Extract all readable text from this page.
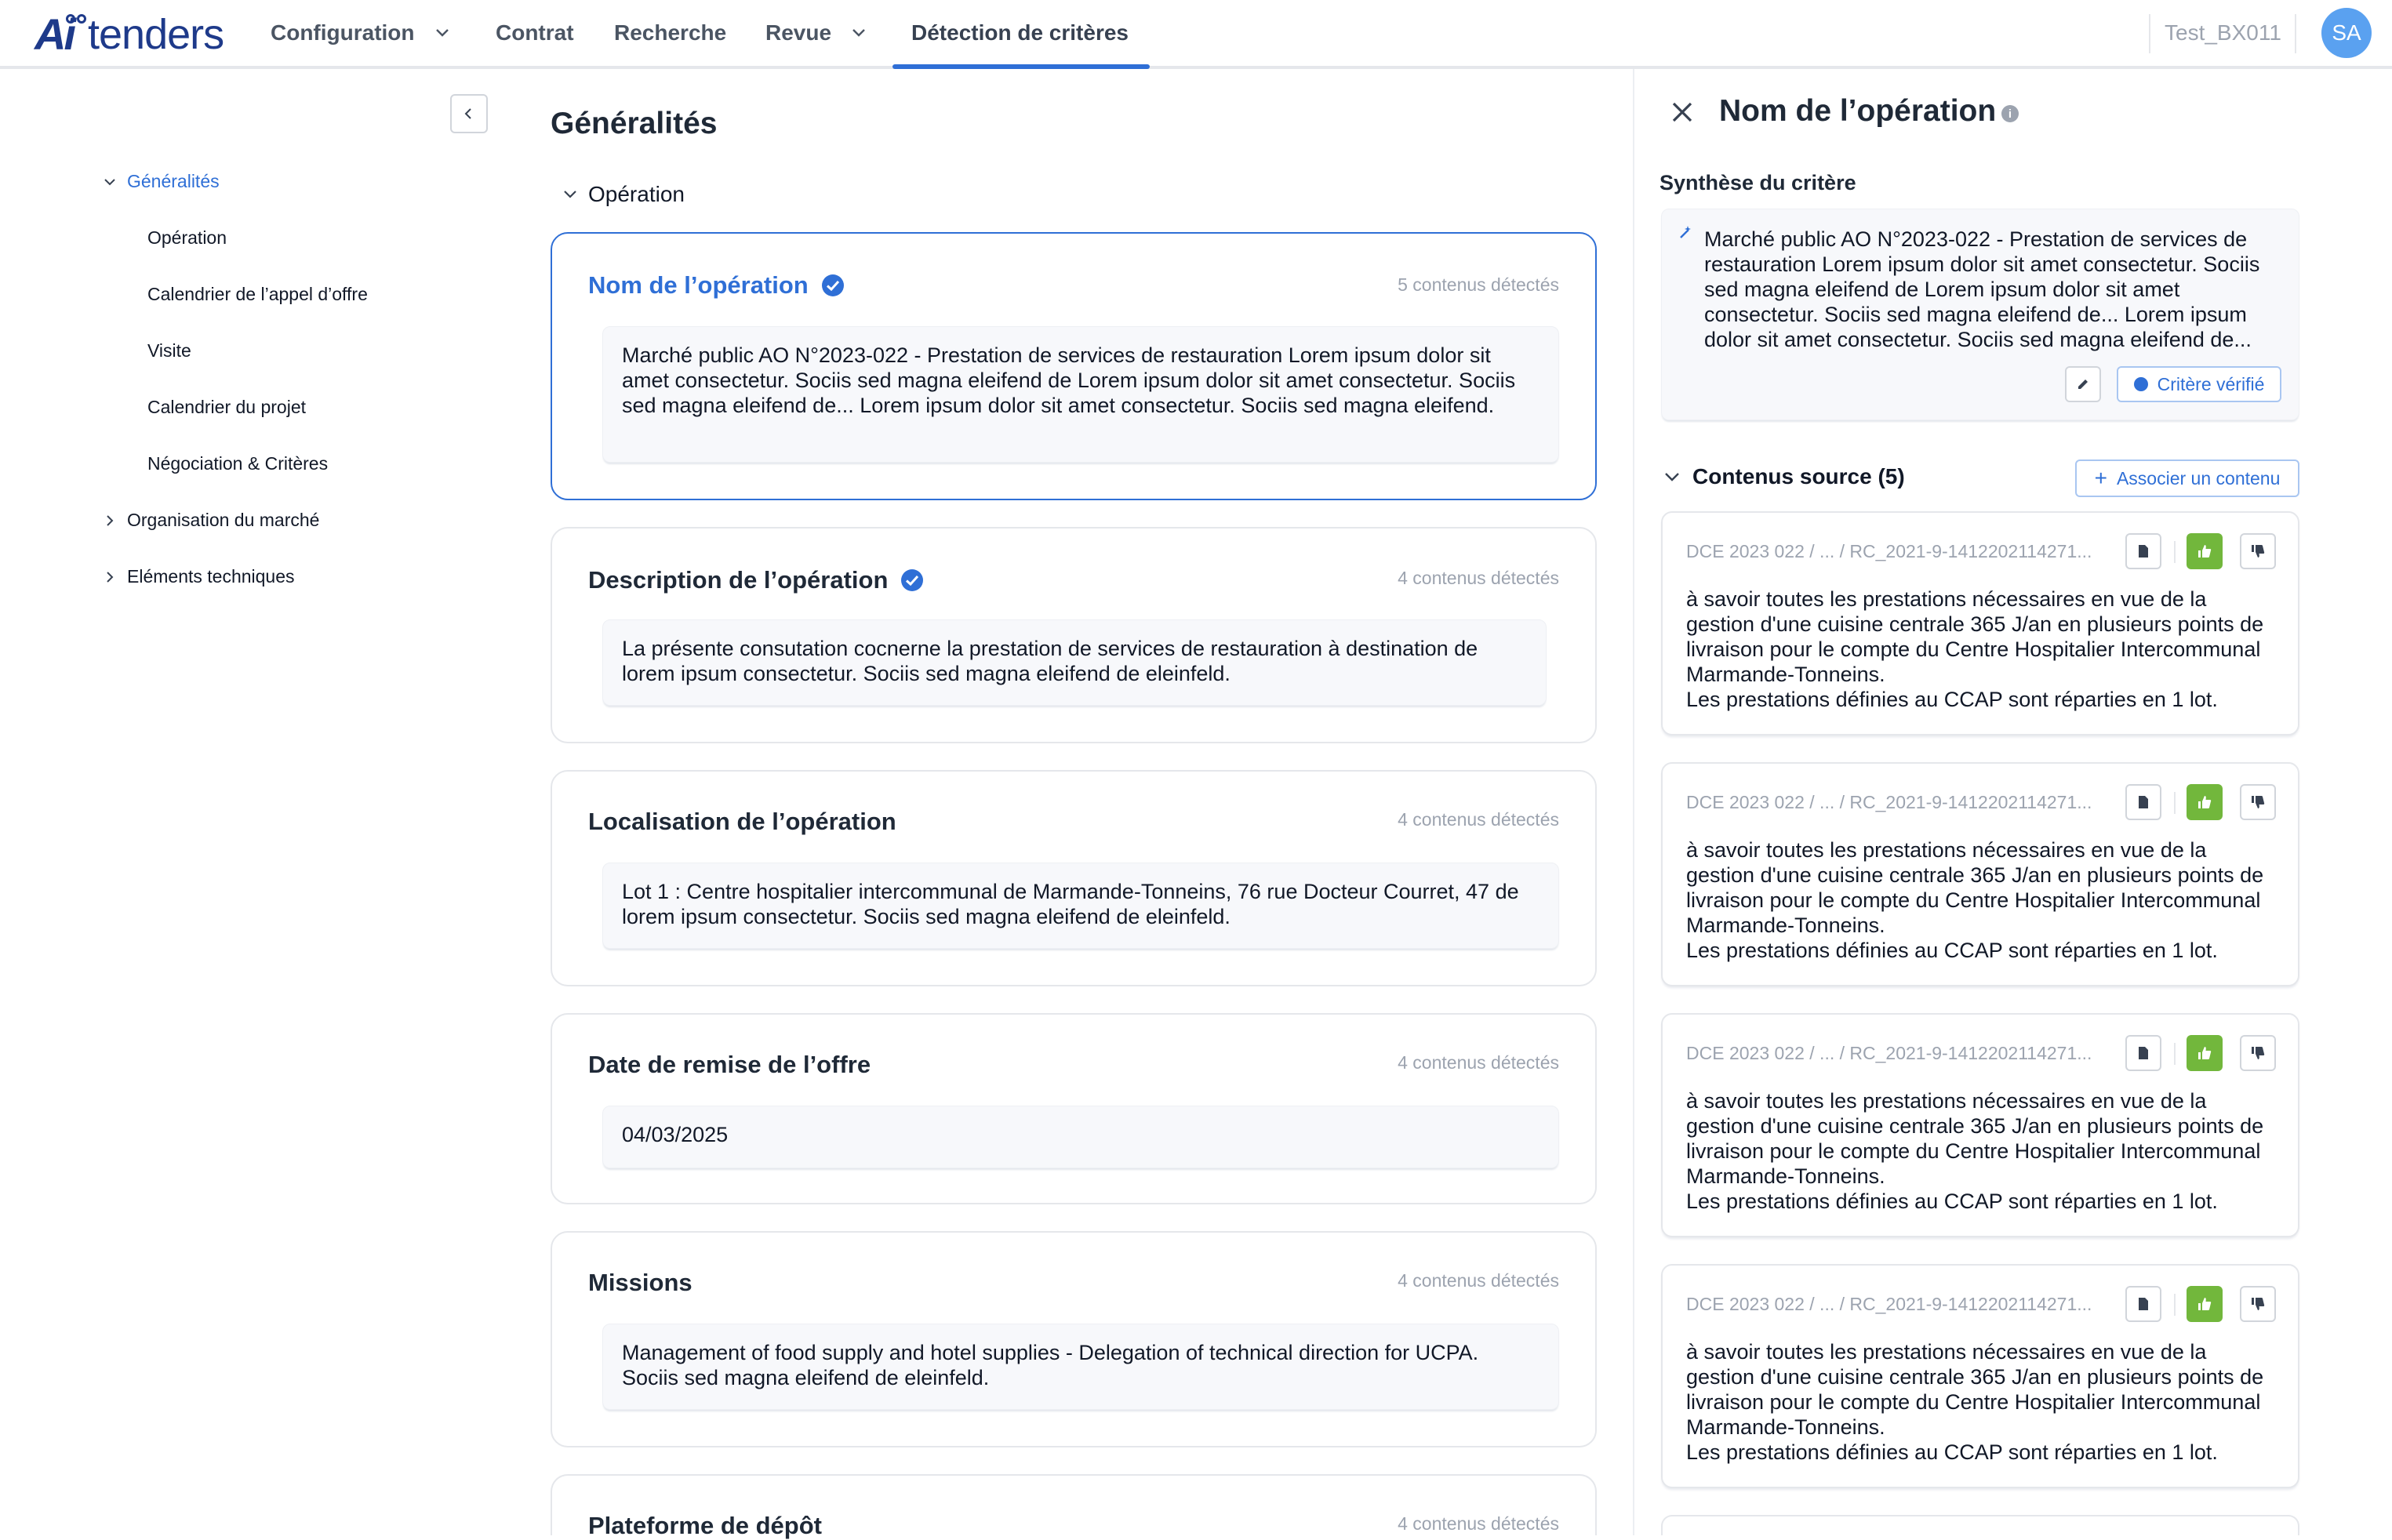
Ai tenders Configuration	Contrat Recherche Revue	Détection de critères	Test_BX011	SA
Généralités
Opération
Calendrier de l’appel d’offre
Visite
Calendrier du projet
Négociation & Critères
Organisation du marché
Eléments techniques
Généralités
Opération
Nom de l’opération	5 contenus détectés
Marché public AO N°2023-022 - Prestation de services de restauration Lorem ipsum dolor sit amet consectetur. Sociis sed magna eleifend de Lorem ipsum dolor sit amet consectetur. Sociis sed magna eleifend de... Lorem ipsum dolor sit amet consectetur. Sociis sed magna eleifend.
Description de l’opération	4 contenus détectés
La présente consutation cocnerne la prestation de services de restauration à destination de lorem ipsum consectetur. Sociis sed magna eleifend de eleinfeld.
Localisation de l’opération	4 contenus détectés
Lot 1 : Centre hospitalier intercommunal de Marmande-Tonneins, 76 rue Docteur Courret, 47 de lorem ipsum consectetur. Sociis sed magna eleifend de eleinfeld.
Date de remise de l’offre	4 contenus détectés
04/03/2025
Missions	4 contenus détectés
Management of food supply and hotel supplies - Delegation of technical direction for UCPA. Sociis sed magna eleifend de eleinfeld.
Plateforme de dépôt	4 contenus détectés
Nom de l’opération	i
Synthèse du critère
Marché public AO N°2023-022 - Prestation de services de restauration Lorem ipsum dolor sit amet consectetur. Sociis sed magna eleifend de Lorem ipsum dolor sit amet consectetur. Sociis sed magna eleifend de... Lorem ipsum dolor sit amet consectetur. Sociis sed magna eleifend de...
Critère vérifié
Contenus source (5)	+ Associer un contenu
DCE 2023 022 / ... / RC_2021-9-1412202114271...
à savoir toutes les prestations nécessaires en vue de la gestion d'une cuisine centrale 365 J/an en plusieurs points de livraison pour le compte du Centre Hospitalier Intercommunal Marmande-Tonneins.
Les prestations définies au CCAP sont réparties en 1 lot.
DCE 2023 022 / ... / RC_2021-9-1412202114271...
à savoir toutes les prestations nécessaires en vue de la gestion d'une cuisine centrale 365 J/an en plusieurs points de livraison pour le compte du Centre Hospitalier Intercommunal Marmande-Tonneins.
Les prestations définies au CCAP sont réparties en 1 lot.
DCE 2023 022 / ... / RC_2021-9-1412202114271...
à savoir toutes les prestations nécessaires en vue de la gestion d'une cuisine centrale 365 J/an en plusieurs points de livraison pour le compte du Centre Hospitalier Intercommunal Marmande-Tonneins.
Les prestations définies au CCAP sont réparties en 1 lot.
DCE 2023 022 / ... / RC_2021-9-1412202114271...
à savoir toutes les prestations nécessaires en vue de la gestion d'une cuisine centrale 365 J/an en plusieurs points de livraison pour le compte du Centre Hospitalier Intercommunal Marmande-Tonneins.
Les prestations définies au CCAP sont réparties en 1 lot.
